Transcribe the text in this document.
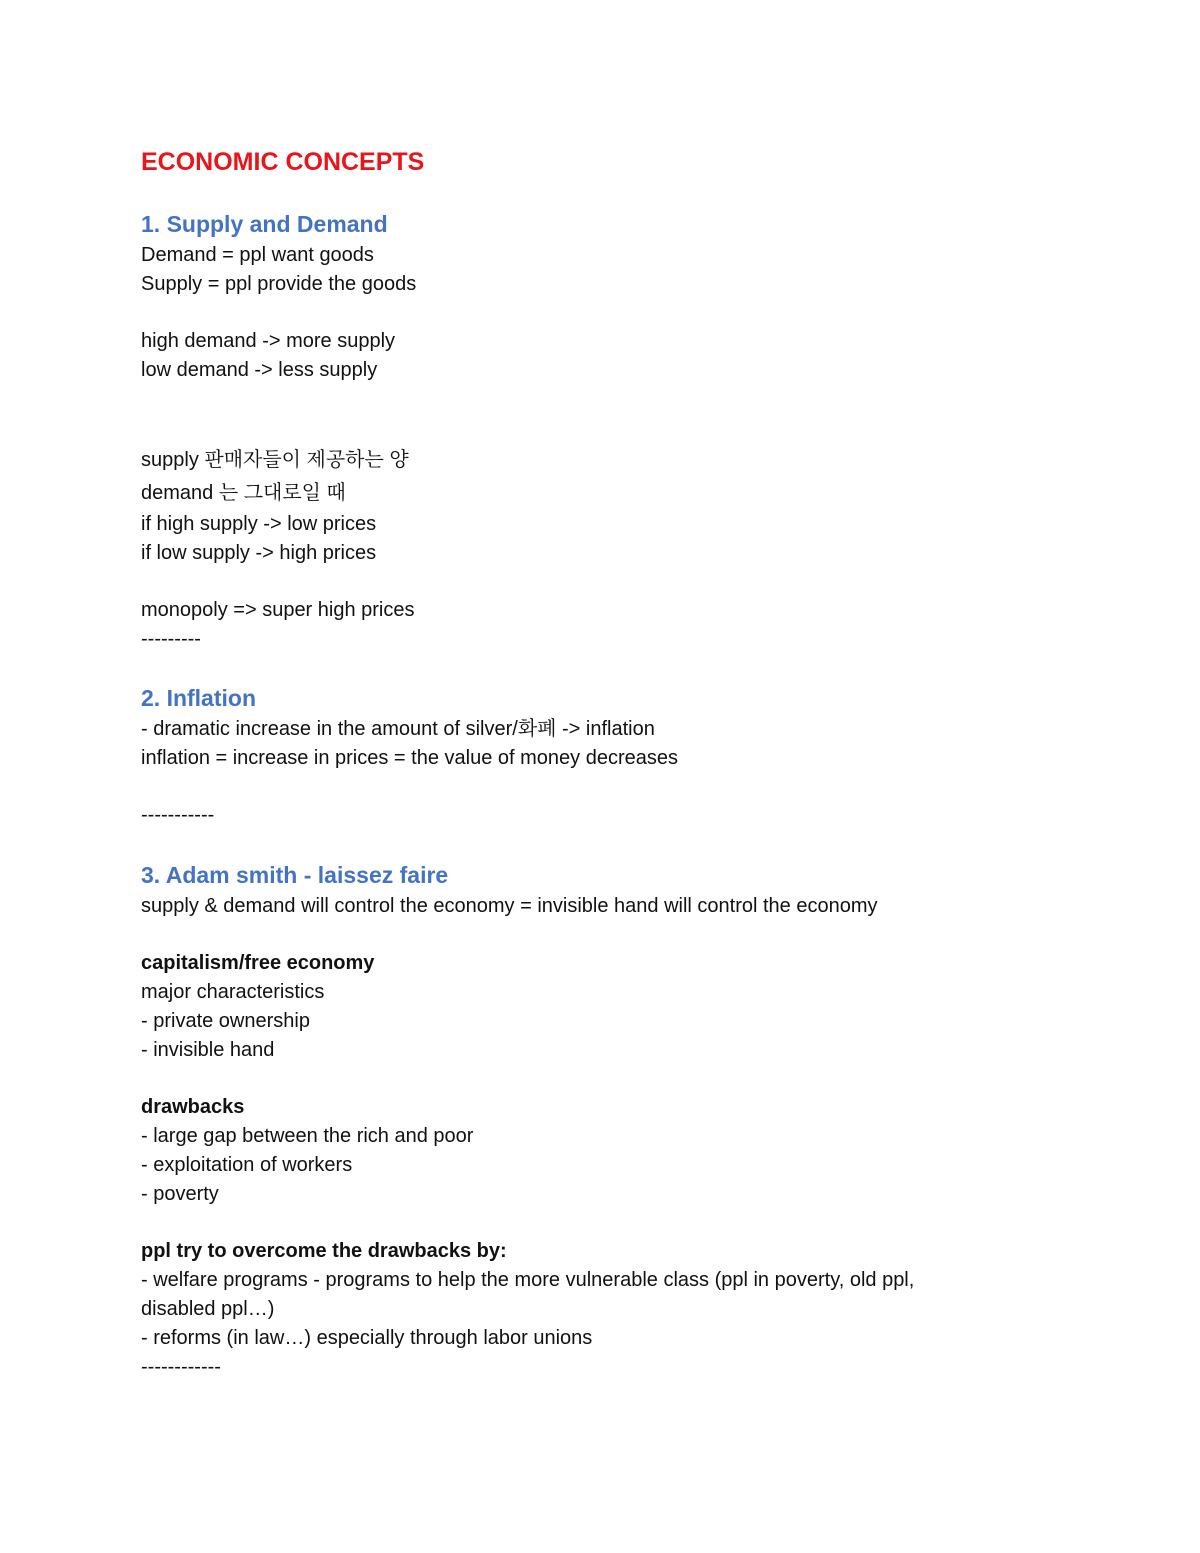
ECONOMIC CONCEPTS
1. Supply and Demand
Demand = ppl want goods
Supply = ppl provide the goods
high demand -> more supply
low demand -> less supply
supply 판매자들이 제공하는 양
demand 는 그대로일 때
if high supply -> low prices
if low supply -> high prices
monopoly => super high prices
---------
2. Inflation
- dramatic increase in the amount of silver/화폐 -> inflation
inflation = increase in prices = the value of money decreases
-----------
3. Adam smith - laissez faire
supply & demand will control the economy = invisible hand will control the economy
capitalism/free economy
major characteristics
- private ownership
- invisible hand
drawbacks
- large gap between the rich and poor
- exploitation of workers
- poverty
ppl try to overcome the drawbacks by:
- welfare programs - programs to help the more vulnerable class (ppl in poverty, old ppl, disabled ppl…)
- reforms (in law…) especially through labor unions
------------
